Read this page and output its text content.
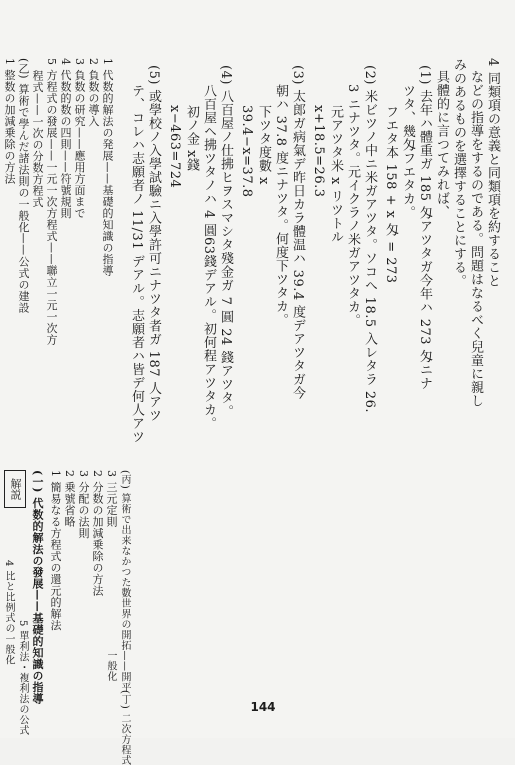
4 同類項の意義と同類項を約すること
などの指導をするのである。問題はなるべく兒童に親し
みのあるものを選擇することにする。
具體的に言つてみれば、
(1) 去年ハ體重ガ 185 匁アツタガ今年ハ 273 匁ニナ
ツタ、幾匁フエタカ。
フエタ本 158 + x 匁 = 273
(2) 米ビツノ中ニ米ガアツタ。ソコへ 18.5 入レタラ 26.
3 ニナツタ。元イクラノ米ガアツタカ。
元アツタ米 x リツトル
x+18.5=26.3
(3) 太郎ガ病氣デ昨日カラ體温ハ 39.4 度デアツタガ今
朝ハ 37.8 度ニナツタ。何度下ツタカ。
下ツタ度數 x
39.4−x=37.8
(4) 八百屋ノ仕拂ヒヲスマシタ殘金ガ 7 圓 24 錢アツタ。
八百屋ヘ拂ツタノハ 4 圓63錢デアル。初何程アツタカ。
初ノ金 x錢
x−463=724
(5) 或學校ノ入學試驗ニ入學許可ニナツタ者ガ 187 人アツ
テ、コレハ志願者ノ 11/31 デアル。志願者ハ皆デ何人アツ
1 代数的解法の発展——基礎的知識の指導
2 負数の導入
3 負数の研究——應用方面まで
4 代数的数の四則——符號規則
5 方程式の發展——一元一次方程式——聯立一元一次方
程式——一次の分数方程式
(乙) 算術で學んだ諸法則の一般化——公式の建設
1 整数の加減乗除の方法
解説 (一) 代数的解法の發展——基礎的知識の指導 1 簡易なる方程式の還元的解法 2 乗號省略 3 分配の法則 2 分数の加減乗除の方法 3 三元定則
4 比と比例式の一般化
5 單利法・複利法の公式	(丙) 算術で出来なかつた數世界の開拓——開平
(丁) 二次方程式
一般化
144
